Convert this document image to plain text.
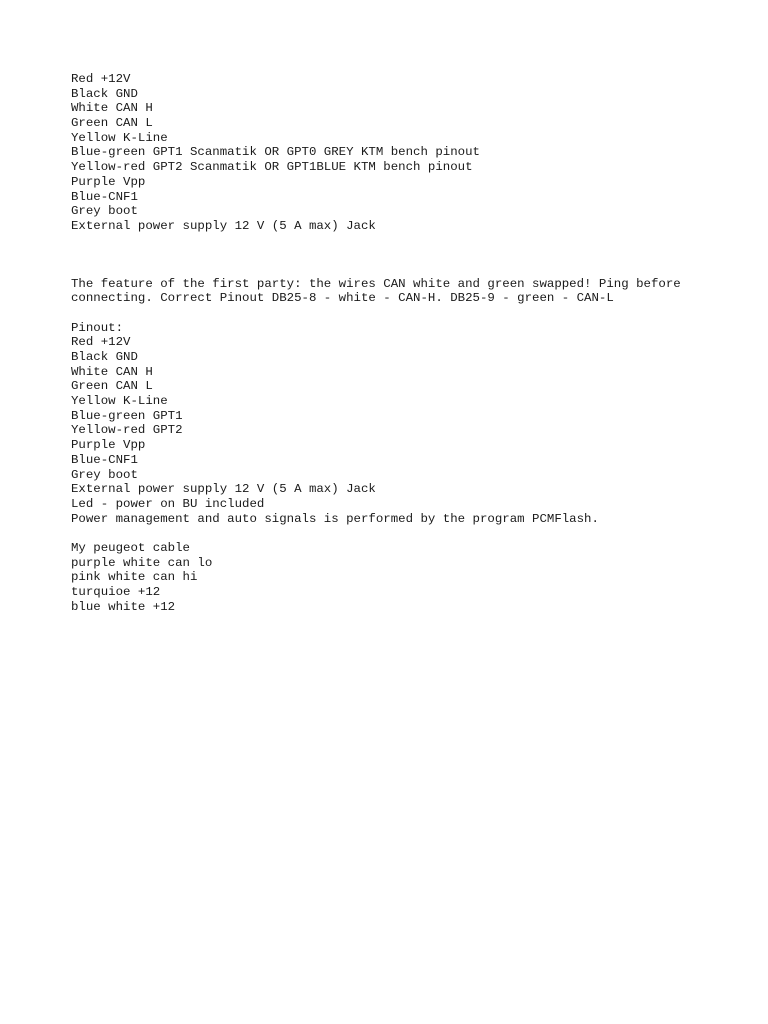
Red +12V
Black GND
White CAN H
Green CAN L
Yellow K-Line
Blue-green GPT1 Scanmatik OR GPT0 GREY KTM bench pinout
Yellow-red GPT2 Scanmatik OR GPT1BLUE KTM bench pinout
Purple Vpp
Blue-CNF1
Grey boot
External power supply 12 V (5 A max) Jack
The feature of the first party: the wires CAN white and green swapped! Ping before
connecting. Correct Pinout DB25-8 - white - CAN-H. DB25-9 - green - CAN-L
Pinout:
Red +12V
Black GND
White CAN H
Green CAN L
Yellow K-Line
Blue-green GPT1
Yellow-red GPT2
Purple Vpp
Blue-CNF1
Grey boot
External power supply 12 V (5 A max) Jack
Led - power on BU included
Power management and auto signals is performed by the program PCMFlash.
My peugeot cable
purple white can lo
pink white can hi
turquioe +12
blue white +12
